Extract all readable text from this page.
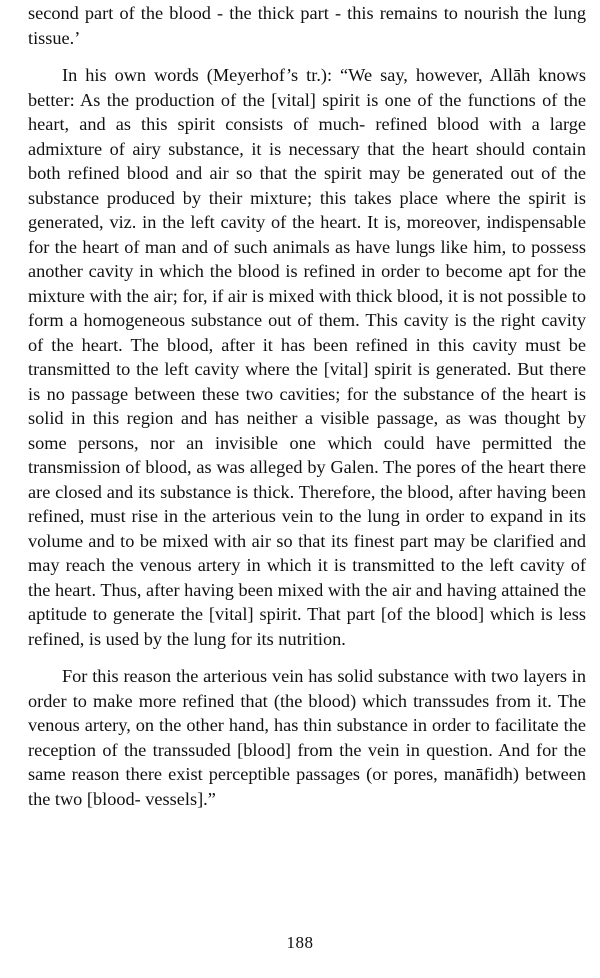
second part of the blood - the thick part - this remains to nourish the lung tissue.’

In his own words (Meyerhof’s tr.): “We say, however, Allāh knows better: As the production of the [vital] spirit is one of the functions of the heart, and as this spirit consists of much- refined blood with a large admixture of airy substance, it is necessary that the heart should contain both refined blood and air so that the spirit may be generated out of the substance produced by their mixture; this takes place where the spirit is generated, viz. in the left cavity of the heart. It is, moreover, indispensable for the heart of man and of such animals as have lungs like him, to possess another cavity in which the blood is refined in order to become apt for the mixture with the air; for, if air is mixed with thick blood, it is not possible to form a homogeneous substance out of them. This cavity is the right cavity of the heart. The blood, after it has been refined in this cavity must be transmitted to the left cavity where the [vital] spirit is generated. But there is no passage between these two cavities; for the substance of the heart is solid in this region and has neither a visible passage, as was thought by some persons, nor an invisible one which could have permitted the transmission of blood, as was alleged by Galen. The pores of the heart there are closed and its substance is thick. Therefore, the blood, after having been refined, must rise in the arterious vein to the lung in order to expand in its volume and to be mixed with air so that its finest part may be clarified and may reach the venous artery in which it is transmitted to the left cavity of the heart. Thus, after having been mixed with the air and having attained the aptitude to generate the [vital] spirit. That part [of the blood] which is less refined, is used by the lung for its nutrition.

For this reason the arterious vein has solid substance with two layers in order to make more refined that (the blood) which transsudes from it. The venous artery, on the other hand, has thin substance in order to facilitate the reception of the transsuded [blood] from the vein in question. And for the same reason there exist perceptible passages (or pores, manāfidh) between the two [blood- vessels].”

188
